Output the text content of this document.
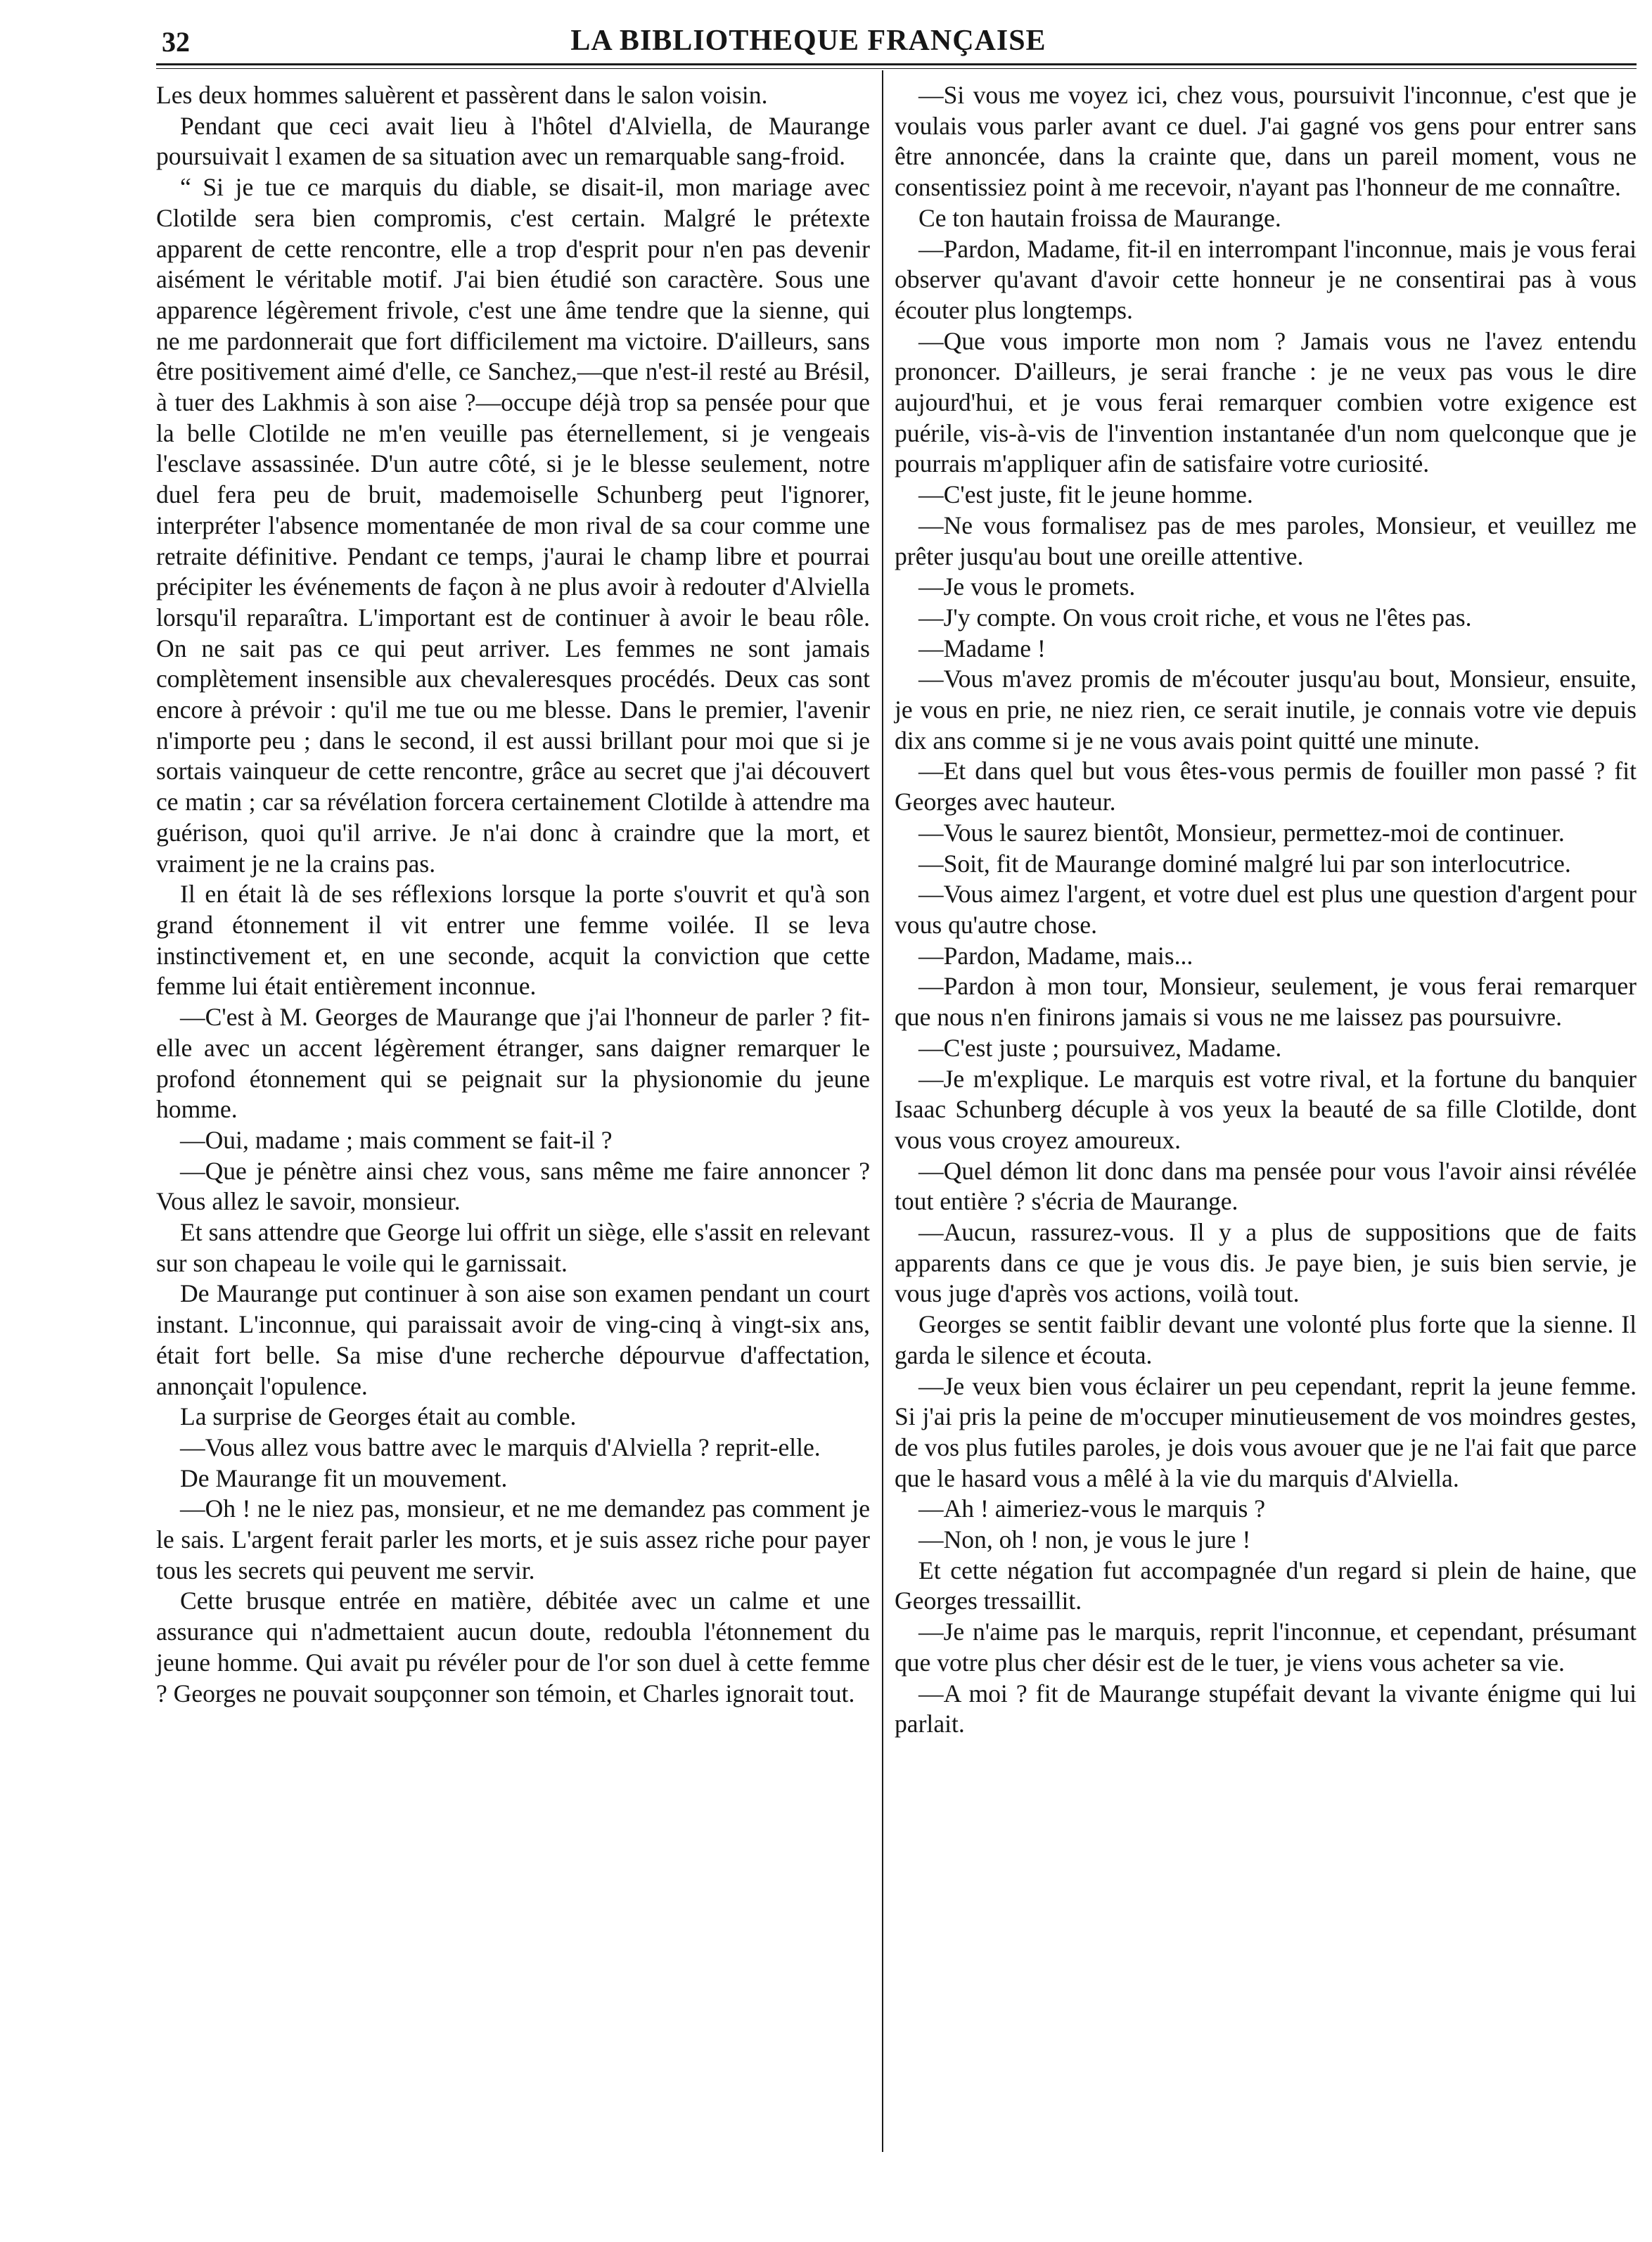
32	LA BIBLIOTHEQUE FRANÇAISE

Les deux hommes saluèrent et passèrent dans le salon voisin.

Pendant que ceci avait lieu à l'hôtel d'Alviella, de Maurange poursuivait l examen de sa situation avec un remarquable sang-froid.

“ Si je tue ce marquis du diable, se disait-il, mon mariage avec Clotilde sera bien compromis, c'est certain. Malgré le prétexte apparent de cette rencontre, elle a trop d'esprit pour n'en pas devenir aisément le véritable motif. J'ai bien étudié son caractère. Sous une apparence légèrement frivole, c'est une âme tendre que la sienne, qui ne me pardonnerait que fort difficilement ma victoire. D'ailleurs, sans être positivement aimé d'elle, ce Sanchez,—que n'est-il resté au Brésil, à tuer des Lakhmis à son aise ?—occupe déjà trop sa pensée pour que la belle Clotilde ne m'en veuille pas éternellement, si je vengeais l'esclave assassinée. D'un autre côté, si je le blesse seulement, notre duel fera peu de bruit, mademoiselle Schunberg peut l'ignorer, interpréter l'absence momentanée de mon rival de sa cour comme une retraite définitive. Pendant ce temps, j'aurai le champ libre et pourrai précipiter les événements de façon à ne plus avoir à redouter d'Alviella lorsqu'il reparaîtra. L'important est de continuer à avoir le beau rôle. On ne sait pas ce qui peut arriver. Les femmes ne sont jamais complètement insensible aux chevaleresques procédés. Deux cas sont encore à prévoir : qu'il me tue ou me blesse. Dans le premier, l'avenir n'importe peu ; dans le second, il est aussi brillant pour moi que si je sortais vainqueur de cette rencontre, grâce au secret que j'ai découvert ce matin ; car sa révélation forcera certainement Clotilde à attendre ma guérison, quoi qu'il arrive. Je n'ai donc à craindre que la mort, et vraiment je ne la crains pas.

Il en était là de ses réflexions lorsque la porte s'ouvrit et qu'à son grand étonnement il vit entrer une femme voilée. Il se leva instinctivement et, en une seconde, acquit la conviction que cette femme lui était entièrement inconnue.

—C'est à M. Georges de Maurange que j'ai l'honneur de parler ? fit-elle avec un accent légèrement étranger, sans daigner remarquer le profond étonnement qui se peignait sur la physionomie du jeune homme.

—Oui, madame ; mais comment se fait-il ?

—Que je pénètre ainsi chez vous, sans même me faire annoncer ? Vous allez le savoir, monsieur.

Et sans attendre que George lui offrit un siège, elle s'assit en relevant sur son chapeau le voile qui le garnissait.

De Maurange put continuer à son aise son examen pendant un court instant. L'inconnue, qui paraissait avoir de ving-cinq à vingt-six ans, était fort belle. Sa mise d'une recherche dépourvue d'affectation, annonçait l'opulence.

La surprise de Georges était au comble.

—Vous allez vous battre avec le marquis d'Alviella ? reprit-elle.

De Maurange fit un mouvement.

—Oh ! ne le niez pas, monsieur, et ne me demandez pas comment je le sais. L'argent ferait parler les morts, et je suis assez riche pour payer tous les secrets qui peuvent me servir.

Cette brusque entrée en matière, débitée avec un calme et une assurance qui n'admettaient aucun doute, redoubla l'étonnement du jeune homme. Qui avait pu révéler pour de l'or son duel à cette femme ? Georges ne pouvait soupçonner son témoin, et Charles ignorait tout.

—Si vous me voyez ici, chez vous, poursuivit l'inconnue, c'est que je voulais vous parler avant ce duel. J'ai gagné vos gens pour entrer sans être annoncée, dans la crainte que, dans un pareil moment, vous ne consentissiez point à me recevoir, n'ayant pas l'honneur de me connaître.

Ce ton hautain froissa de Maurange.

—Pardon, Madame, fit-il en interrompant l'inconnue, mais je vous ferai observer qu'avant d'avoir cette honneur je ne consentirai pas à vous écouter plus longtemps.

—Que vous importe mon nom ? Jamais vous ne l'avez entendu prononcer. D'ailleurs, je serai franche : je ne veux pas vous le dire aujourd'hui, et je vous ferai remarquer combien votre exigence est puérile, vis-à-vis de l'invention instantanée d'un nom quelconque que je pourrais m'appliquer afin de satisfaire votre curiosité.

—C'est juste, fit le jeune homme.

—Ne vous formalisez pas de mes paroles, Monsieur, et veuillez me prêter jusqu'au bout une oreille attentive.

—Je vous le promets.

—J'y compte. On vous croit riche, et vous ne l'êtes pas.

—Madame !

—Vous m'avez promis de m'écouter jusqu'au bout, Monsieur, ensuite, je vous en prie, ne niez rien, ce serait inutile, je connais votre vie depuis dix ans comme si je ne vous avais point quitté une minute.

—Et dans quel but vous êtes-vous permis de fouiller mon passé ? fit Georges avec hauteur.

—Vous le saurez bientôt, Monsieur, permettez-moi de continuer.

—Soit, fit de Maurange dominé malgré lui par son interlocutrice.

—Vous aimez l'argent, et votre duel est plus une question d'argent pour vous qu'autre chose.

—Pardon, Madame, mais...

—Pardon à mon tour, Monsieur, seulement, je vous ferai remarquer que nous n'en finirons jamais si vous ne me laissez pas poursuivre.

—C'est juste ; poursuivez, Madame.

—Je m'explique. Le marquis est votre rival, et la fortune du banquier Isaac Schunberg décuple à vos yeux la beauté de sa fille Clotilde, dont vous vous croyez amoureux.

—Quel démon lit donc dans ma pensée pour vous l'avoir ainsi révélée tout entière ? s'écria de Maurange.

—Aucun, rassurez-vous. Il y a plus de suppositions que de faits apparents dans ce que je vous dis. Je paye bien, je suis bien servie, je vous juge d'après vos actions, voilà tout.

Georges se sentit faiblir devant une volonté plus forte que la sienne. Il garda le silence et écouta.

—Je veux bien vous éclairer un peu cependant, reprit la jeune femme. Si j'ai pris la peine de m'occuper minutieusement de vos moindres gestes, de vos plus futiles paroles, je dois vous avouer que je ne l'ai fait que parce que le hasard vous a mêlé à la vie du marquis d'Alviella.

—Ah ! aimeriez-vous le marquis ?

—Non, oh ! non, je vous le jure !

Et cette négation fut accompagnée d'un regard si plein de haine, que Georges tressaillit.

—Je n'aime pas le marquis, reprit l'inconnue, et cependant, présumant que votre plus cher désir est de le tuer, je viens vous acheter sa vie.

—A moi ? fit de Maurange stupéfait devant la vivante énigme qui lui parlait.
